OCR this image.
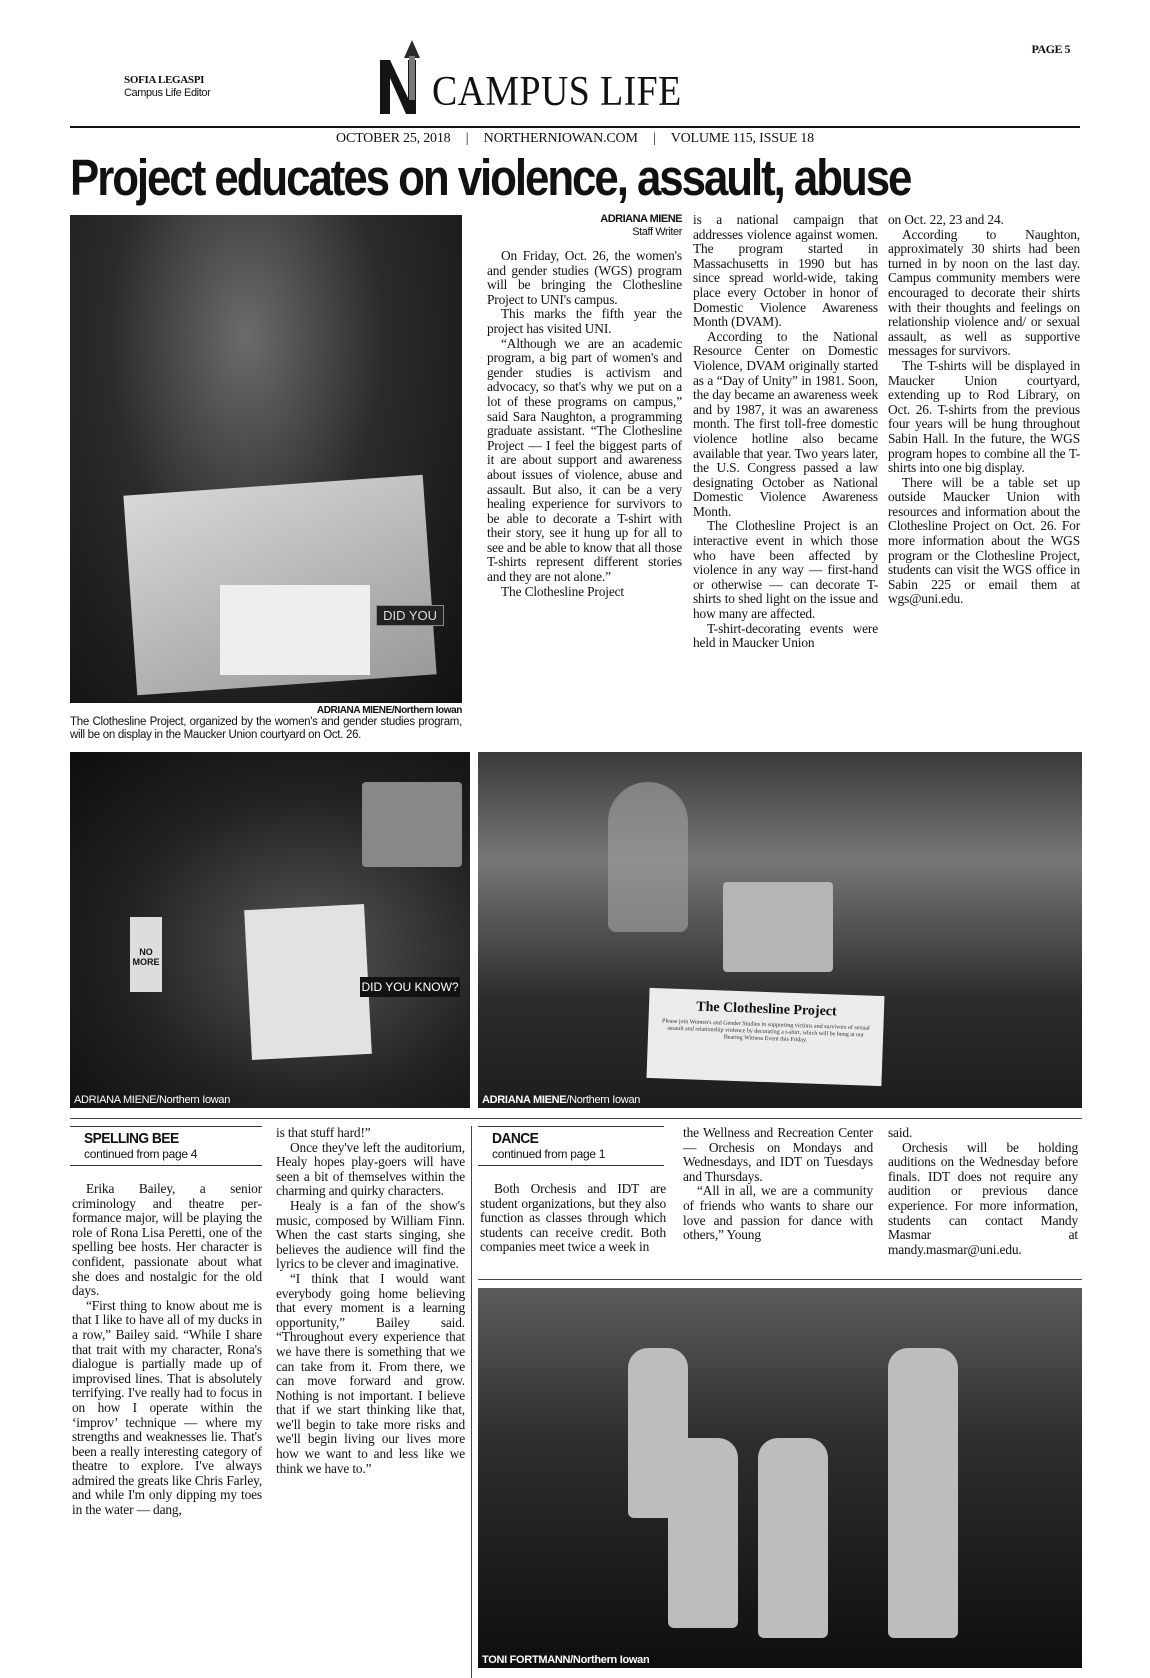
PAGE 5
SOFIA LEGASPI
Campus Life Editor	CAMPUS LIFE
OCTOBER 25, 2018 | NORTHERNIOWAN.COM | VOLUME 115, ISSUE 18
Project educates on violence, assault, abuse
DID YOU
ADRIANA MIENE/Northern Iowan
The Clothesline Project, organized by the women's and gender studies program, will be on display in the Maucker Union courtyard on Oct. 26.
ADRIANA MIENE
Staff Writer

On Friday, Oct. 26, the women's and gender studies (WGS) program will be bringing the Clothesline Project to UNI's campus.

This marks the fifth year the project has visited UNI.

“Although we are an academic program, a big part of women's and gender studies is activism and advocacy, so that's why we put on a lot of these programs on campus,” said Sara Naughton, a programming graduate assistant. “The Clothesline Project — I feel the biggest parts of it are about support and awareness about issues of violence, abuse and assault. But also, it can be a very healing experience for survivors to be able to decorate a T-shirt with their story, see it hung up for all to see and be able to know that all those T-shirts represent different stories and they are not alone.”

The Clothesline Project

is a national campaign that addresses violence against women. The program started in Massachusetts in 1990 but has since spread world-wide, taking place every October in honor of Domestic Violence Awareness Month (DVAM).

According to the National Resource Center on Domestic Violence, DVAM originally started as a “Day of Unity” in 1981. Soon, the day became an awareness week and by 1987, it was an awareness month. The first toll-free domestic violence hotline also became available that year. Two years later, the U.S. Congress passed a law designating October as National Domestic Violence Awareness Month.

The Clothesline Project is an interactive event in which those who have been affected by violence in any way — first-hand or otherwise — can decorate T-shirts to shed light on the issue and how many are affected.

T-shirt-decorating events were held in Maucker Union

on Oct. 22, 23 and 24.

According to Naughton, approximately 30 shirts had been turned in by noon on the last day. Campus community members were encouraged to decorate their shirts with their thoughts and feelings on relationship violence and/ or sexual assault, as well as supportive messages for survivors.

The T-shirts will be displayed in Maucker Union courtyard, extending up to Rod Library, on Oct. 26. T-shirts from the previous four years will be hung throughout Sabin Hall. In the future, the WGS program hopes to combine all the T-shirts into one big display.

There will be a table set up outside Maucker Union with resources and information about the Clothesline Project on Oct. 26. For more information about the WGS program or the Clothesline Project, students can visit the WGS office in Sabin 225 or email them at wgs@uni.edu.

NO MORE
DID YOU KNOW?
ADRIANA MIENE/Northern Iowan
The Clothesline Project
Please join Women's and Gender Studies in supporting victims and survivors of sexual assault and relationship violence by decorating a t-shirt, which will be hung at our Bearing Witness Event this Friday.
ADRIANA MIENE/Northern Iowan
SPELLING BEE
continued from page 4

Erika Bailey, a senior criminology and theatre performance major, will be playing the role of Rona Lisa Peretti, one of the spelling bee hosts. Her character is confident, passionate about what she does and nostalgic for the old days.

“First thing to know about me is that I like to have all of my ducks in a row,” Bailey said. “While I share that trait with my character, Rona's dialogue is partially made up of improvised lines. That is absolutely terrifying. I've really had to focus in on how I operate within the ‘improv’ technique — where my strengths and weaknesses lie. That's been a really interesting category of theatre to explore. I've always admired the greats like Chris Farley, and while I'm only dipping my toes in the water — dang,

is that stuff hard!”

Once they've left the auditorium, Healy hopes play-goers will have seen a bit of themselves within the charming and quirky characters.

Healy is a fan of the show's music, composed by William Finn. When the cast starts singing, she believes the audience will find the lyrics to be clever and imaginative.

“I think that I would want everybody going home believing that every moment is a learning opportunity,” Bailey said. “Throughout every experience that we have there is something that we can take from it. From there, we can move forward and grow. Nothing is not important. I believe that if we start thinking like that, we'll begin to take more risks and we'll begin living our lives more how we want to and less like we think we have to.”

DANCE
continued from page 1

Both Orchesis and IDT are student organizations, but they also function as classes through which students can receive credit. Both companies meet twice a week in

the Wellness and Recreation Center — Orchesis on Mondays and Wednesdays, and IDT on Tuesdays and Thursdays.

“All in all, we are a community of friends who wants to share our love and passion for dance with others,” Young

said.

Orchesis will be holding auditions on the Wednesday before finals. IDT does not require any audition or previous dance experience. For more information, students can contact Mandy Masmar at mandy.masmar@uni.edu.

TONI FORTMANN/Northern Iowan
